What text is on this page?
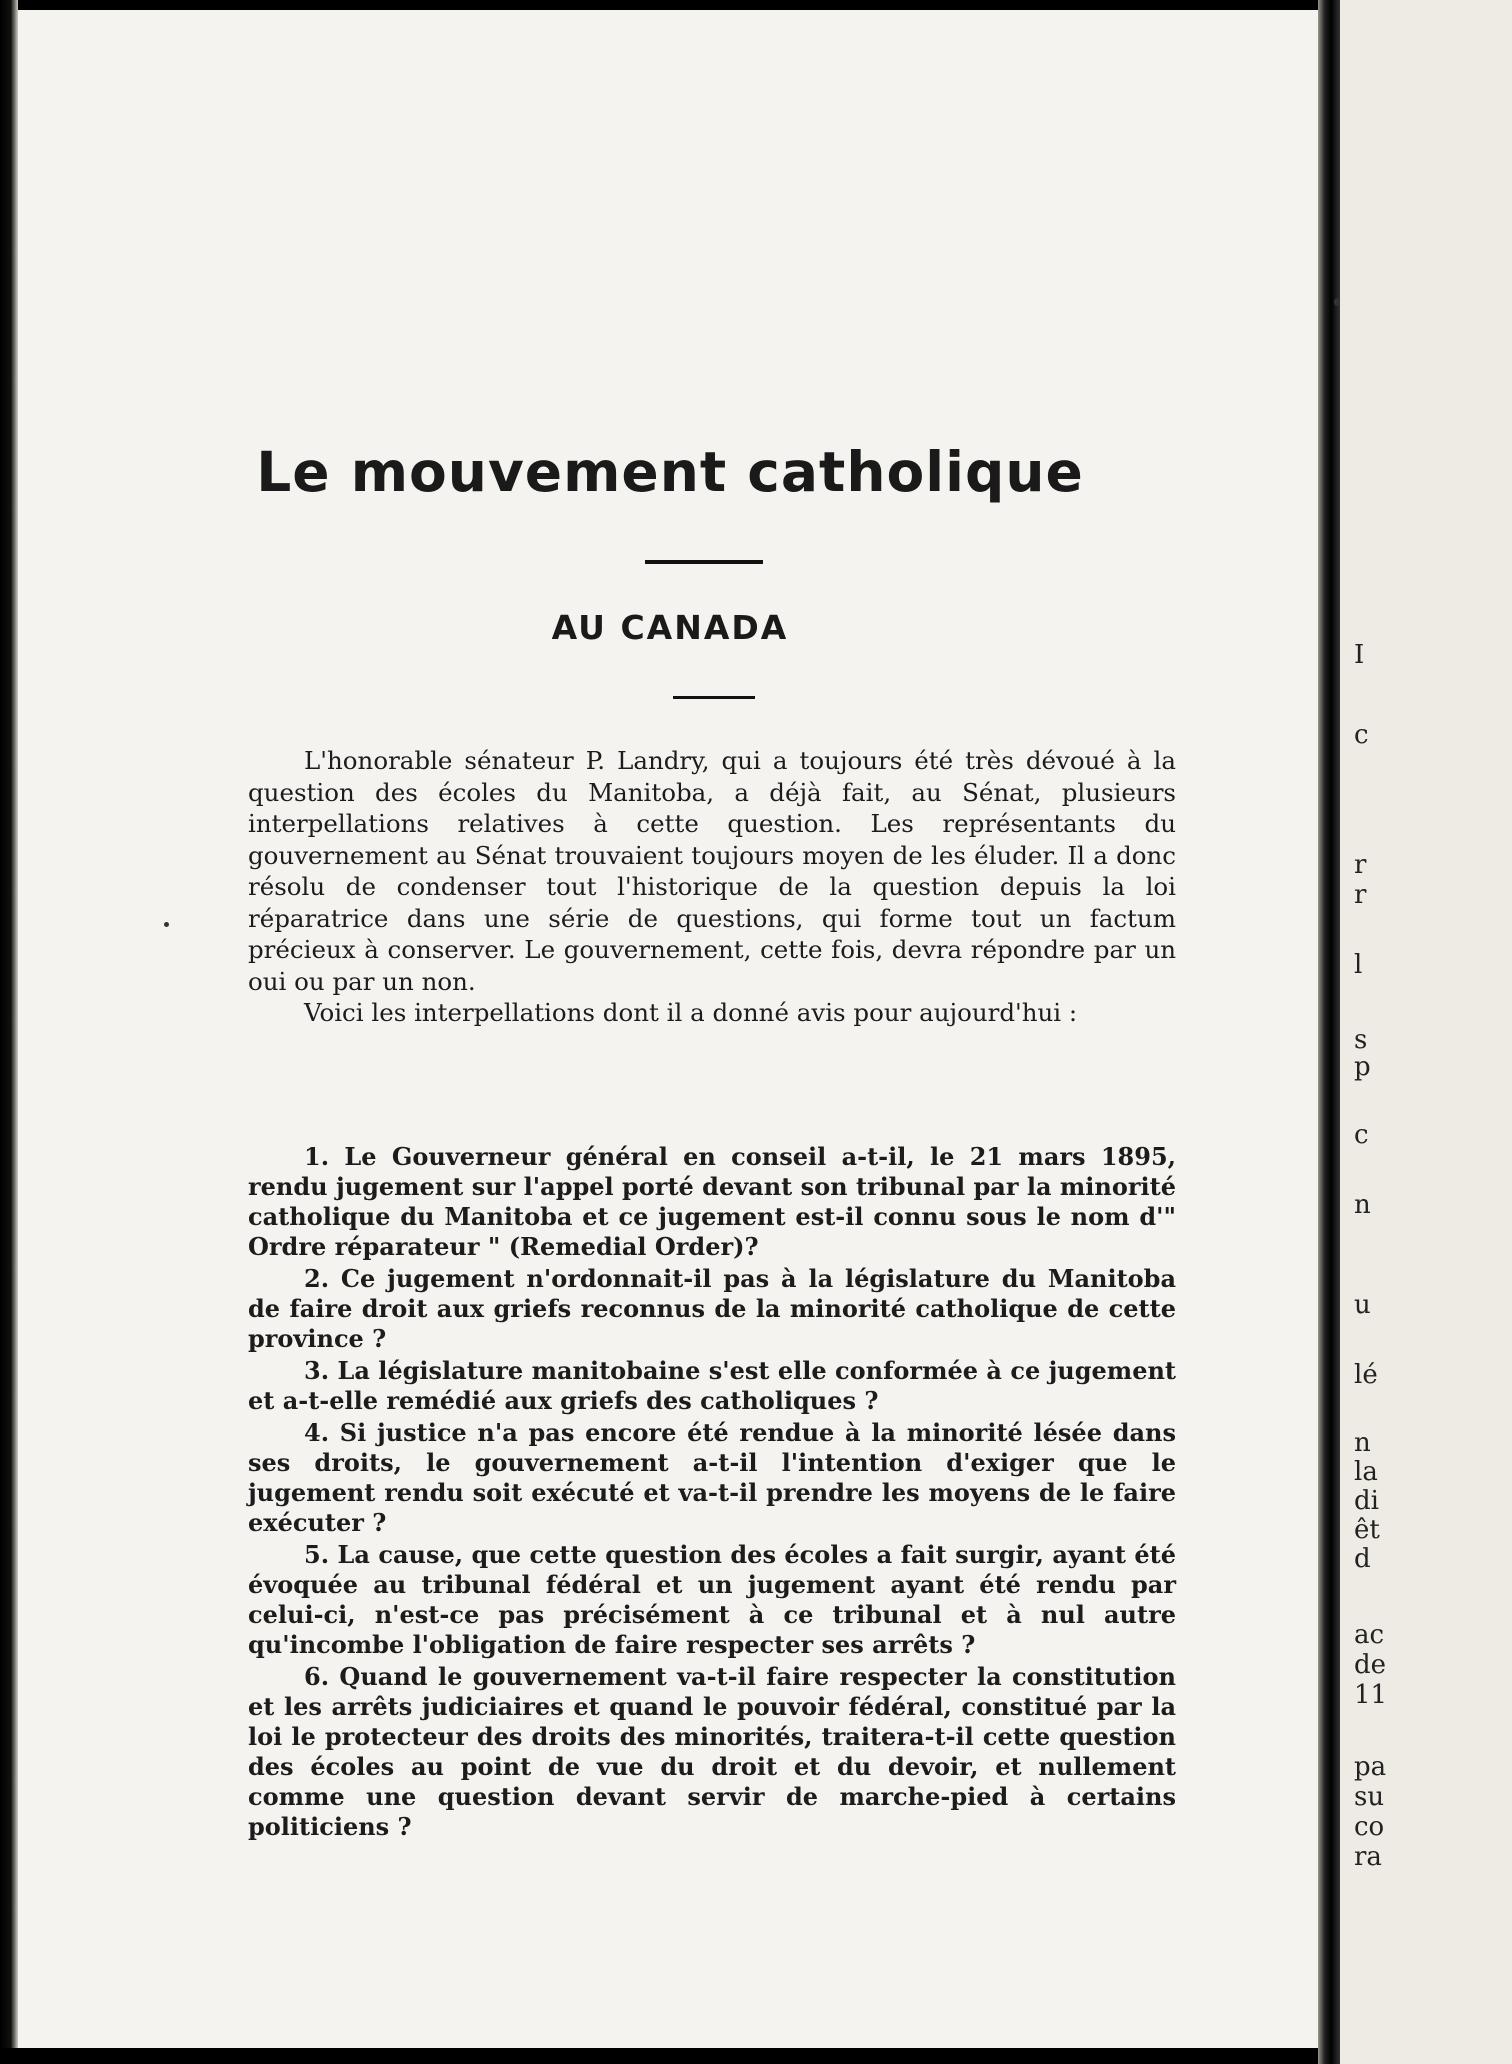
I
c
r
r
l
s
p
c
n
u
lé
n
la
di
êt
d
ac
de
11
pa
su
co
ra
Le mouvement catholique
AU CANADA

L'honorable sénateur P. Landry, qui a toujours été très dévoué à la question des écoles du Manitoba, a déjà fait, au Sénat, plusieurs interpellations relatives à cette question. Les représentants du gouvernement au Sénat trouvaient toujours moyen de les éluder. Il a donc résolu de condenser tout l'historique de la question depuis la loi réparatrice dans une série de questions, qui forme tout un factum précieux à conserver. Le gouvernement, cette fois, devra répondre par un oui ou par un non.

Voici les interpellations dont il a donné avis pour aujourd'hui :

1. Le Gouverneur général en conseil a-t-il, le 21 mars 1895, rendu jugement sur l'appel porté devant son tribunal par la minorité catholique du Manitoba et ce jugement est-il connu sous le nom d'" Ordre réparateur " (Remedial Order)?

2. Ce jugement n'ordonnait-il pas à la législature du Manitoba de faire droit aux griefs reconnus de la minorité catholique de cette province ?

3. La législature manitobaine s'est elle conformée à ce jugement et a-t-elle remédié aux griefs des catholiques ?

4. Si justice n'a pas encore été rendue à la minorité lésée dans ses droits, le gouvernement a-t-il l'intention d'exiger que le jugement rendu soit exécuté et va-t-il prendre les moyens de le faire exécuter ?

5. La cause, que cette question des écoles a fait surgir, ayant été évoquée au tribunal fédéral et un jugement ayant été rendu par celui-ci, n'est-ce pas précisément à ce tribunal et à nul autre qu'incombe l'obligation de faire respecter ses arrêts ?

6. Quand le gouvernement va-t-il faire respecter la constitution et les arrêts judiciaires et quand le pouvoir fédéral, constitué par la loi le protecteur des droits des minorités, traitera-t-il cette question des écoles au point de vue du droit et du devoir, et nullement comme une question devant servir de marche-pied à certains politiciens ?
